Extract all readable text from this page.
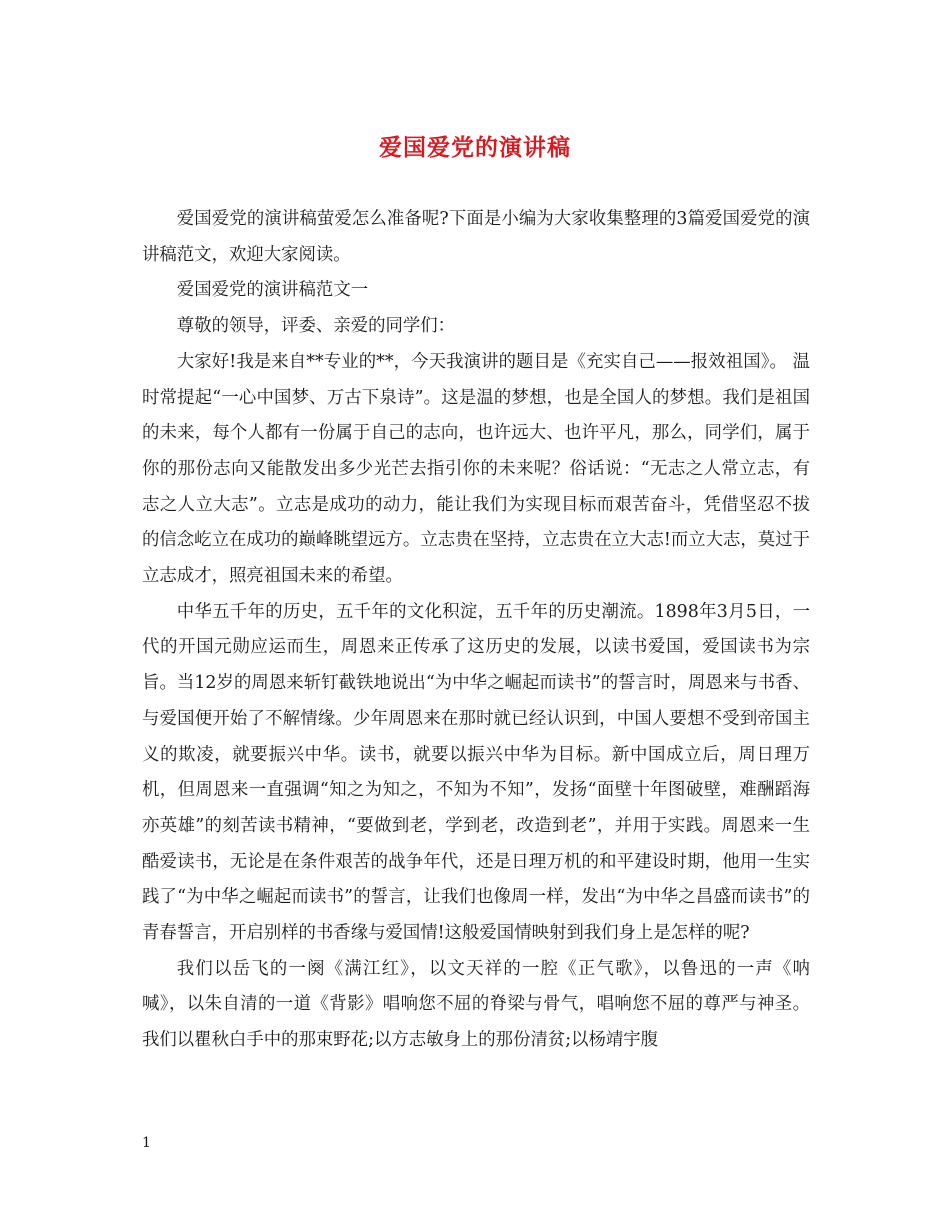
爱国爱党的演讲稿

爱国爱党的演讲稿萤爱怎么准备呢?下面是小编为大家收集整理的3篇爱国爱党的演讲稿范文，欢迎大家阅读。

爱国爱党的演讲稿范文一

尊敬的领导，评委、亲爱的同学们：

大家好!我是来自**专业的**，今天我演讲的题目是《充实自己——报效祖国》。 温时常提起“一心中国梦、万古下泉诗”。这是温的梦想，也是全国人的梦想。我们是祖国的未来，每个人都有一份属于自己的志向，也许远大、也许平凡，那么，同学们，属于你的那份志向又能散发出多少光芒去指引你的未来呢？俗话说：“无志之人常立志，有志之人立大志”。立志是成功的动力，能让我们为实现目标而艰苦奋斗，凭借坚忍不拔的信念屹立在成功的巅峰眺望远方。立志贵在坚持，立志贵在立大志!而立大志，莫过于立志成才，照亮祖国未来的希望。

中华五千年的历史，五千年的文化积淀，五千年的历史潮流。1898年3月5日，一代的开国元勋应运而生，周恩来正传承了这历史的发展，以读书爱国，爱国读书为宗旨。当12岁的周恩来斩钉截铁地说出“为中华之崛起而读书”的誓言时，周恩来与书香、与爱国便开始了不解情缘。少年周恩来在那时就已经认识到，中国人要想不受到帝国主义的欺凌，就要振兴中华。读书，就要以振兴中华为目标。新中国成立后，周日理万机，但周恩来一直强调“知之为知之，不知为不知”，发扬“面壁十年图破壁，难酬蹈海亦英雄”的刻苦读书精神，“要做到老，学到老，改造到老”，并用于实践。周恩来一生酷爱读书，无论是在条件艰苦的战争年代，还是日理万机的和平建设时期，他用一生实践了“为中华之崛起而读书”的誓言，让我们也像周一样，发出“为中华之昌盛而读书”的青春誓言，开启别样的书香缘与爱国情!这般爱国情映射到我们身上是怎样的呢?

我们以岳飞的一阕《满江红》，以文天祥的一腔《正气歌》，以鲁迅的一声《呐喊》，以朱自清的一道《背影》唱响您不屈的脊梁与骨气，唱响您不屈的尊严与神圣。我们以瞿秋白手中的那束野花;以方志敏身上的那份清贫;以杨靖宇腹

1
